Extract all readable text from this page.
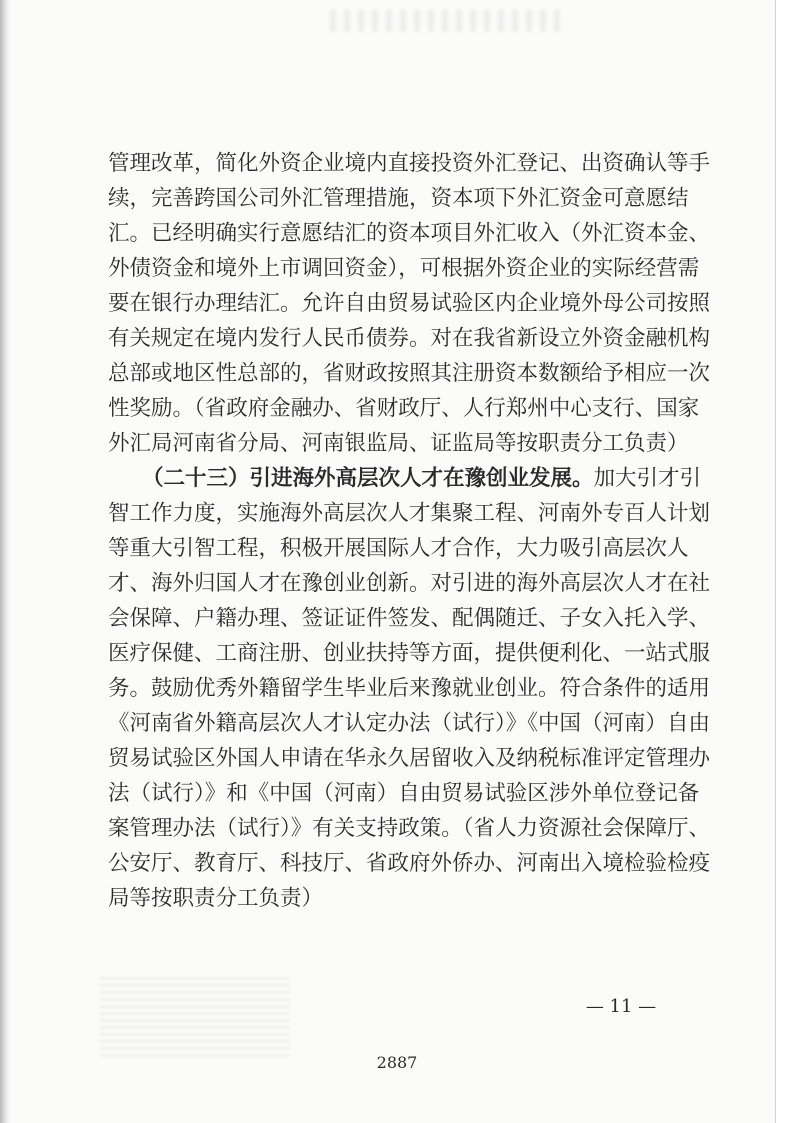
管理改革，简化外资企业境内直接投资外汇登记、出资确认等手
续，完善跨国公司外汇管理措施，资本项下外汇资金可意愿结
汇。已经明确实行意愿结汇的资本项目外汇收入（外汇资本金、
外债资金和境外上市调回资金），可根据外资企业的实际经营需
要在银行办理结汇。允许自由贸易试验区内企业境外母公司按照
有关规定在境内发行人民币债券。对在我省新设立外资金融机构
总部或地区性总部的，省财政按照其注册资本数额给予相应一次
性奖励。（省政府金融办、省财政厅、人行郑州中心支行、国家
外汇局河南省分局、河南银监局、证监局等按职责分工负责）
（二十三）引进海外高层次人才在豫创业发展。加大引才引
智工作力度，实施海外高层次人才集聚工程、河南外专百人计划
等重大引智工程，积极开展国际人才合作，大力吸引高层次人
才、海外归国人才在豫创业创新。对引进的海外高层次人才在社
会保障、户籍办理、签证证件签发、配偶随迁、子女入托入学、
医疗保健、工商注册、创业扶持等方面，提供便利化、一站式服
务。鼓励优秀外籍留学生毕业后来豫就业创业。符合条件的适用
《河南省外籍高层次人才认定办法（试行）》《中国（河南）自由
贸易试验区外国人申请在华永久居留收入及纳税标准评定管理办
法（试行）》和《中国（河南）自由贸易试验区涉外单位登记备
案管理办法（试行）》有关支持政策。（省人力资源社会保障厅、
公安厅、教育厅、科技厅、省政府外侨办、河南出入境检验检疫
局等按职责分工负责）
— 11 —
2887
